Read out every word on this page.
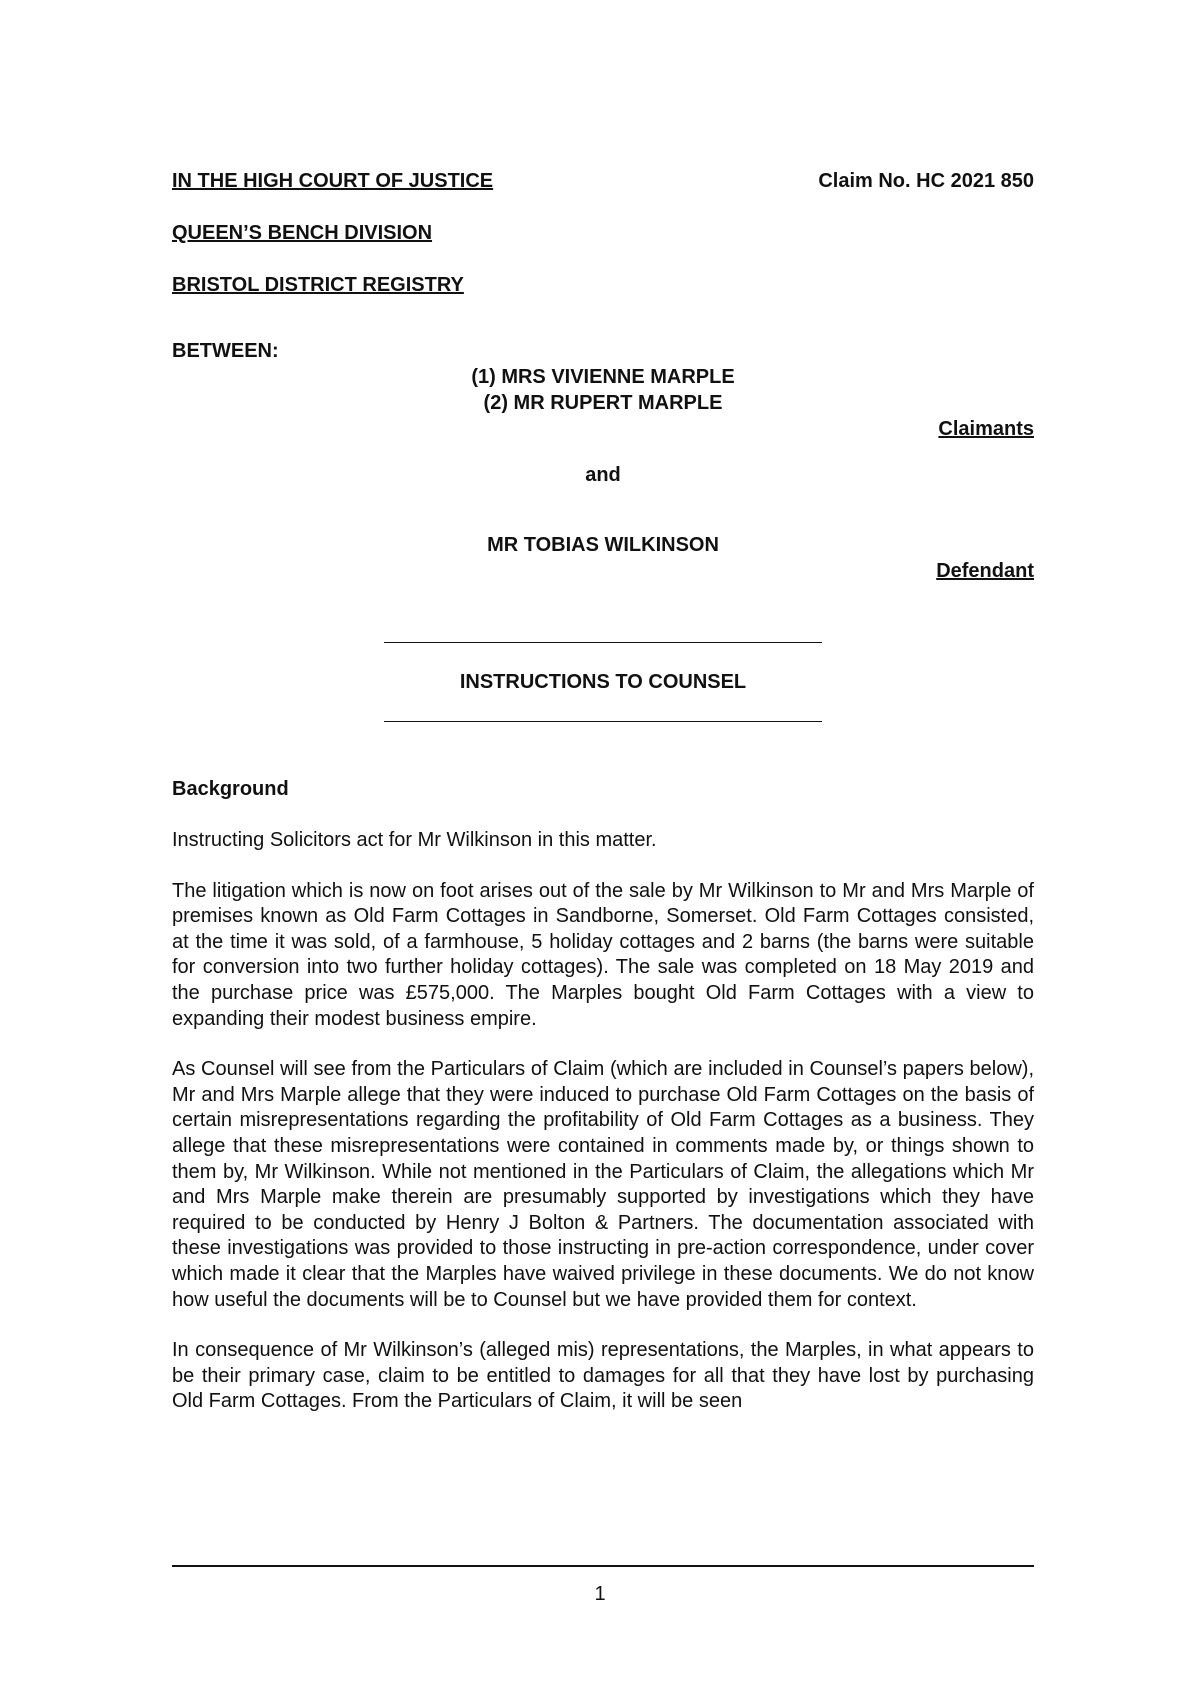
IN THE HIGH COURT OF JUSTICE	Claim No. HC 2021 850
QUEEN’S BENCH DIVISION
BRISTOL DISTRICT REGISTRY
BETWEEN:
(1) MRS VIVIENNE MARPLE
(2) MR RUPERT MARPLE
Claimants
and
MR TOBIAS WILKINSON
Defendant
INSTRUCTIONS TO COUNSEL
Background

Instructing Solicitors act for Mr Wilkinson in this matter.

The litigation which is now on foot arises out of the sale by Mr Wilkinson to Mr and Mrs Marple of premises known as Old Farm Cottages in Sandborne, Somerset. Old Farm Cottages consisted, at the time it was sold, of a farmhouse, 5 holiday cottages and 2 barns (the barns were suitable for conversion into two further holiday cottages). The sale was completed on 18 May 2019 and the purchase price was £575,000. The Marples bought Old Farm Cottages with a view to expanding their modest business empire.

As Counsel will see from the Particulars of Claim (which are included in Counsel’s papers below), Mr and Mrs Marple allege that they were induced to purchase Old Farm Cottages on the basis of certain misrepresentations regarding the profitability of Old Farm Cottages as a business. They allege that these misrepresentations were contained in comments made by, or things shown to them by, Mr Wilkinson. While not mentioned in the Particulars of Claim, the allegations which Mr and Mrs Marple make therein are presumably supported by investigations which they have required to be conducted by Henry J Bolton & Partners. The documentation associated with these investigations was provided to those instructing in pre-action correspondence, under cover which made it clear that the Marples have waived privilege in these documents. We do not know how useful the documents will be to Counsel but we have provided them for context.

In consequence of Mr Wilkinson’s (alleged mis) representations, the Marples, in what appears to be their primary case, claim to be entitled to damages for all that they have lost by purchasing Old Farm Cottages. From the Particulars of Claim, it will be seen

1
